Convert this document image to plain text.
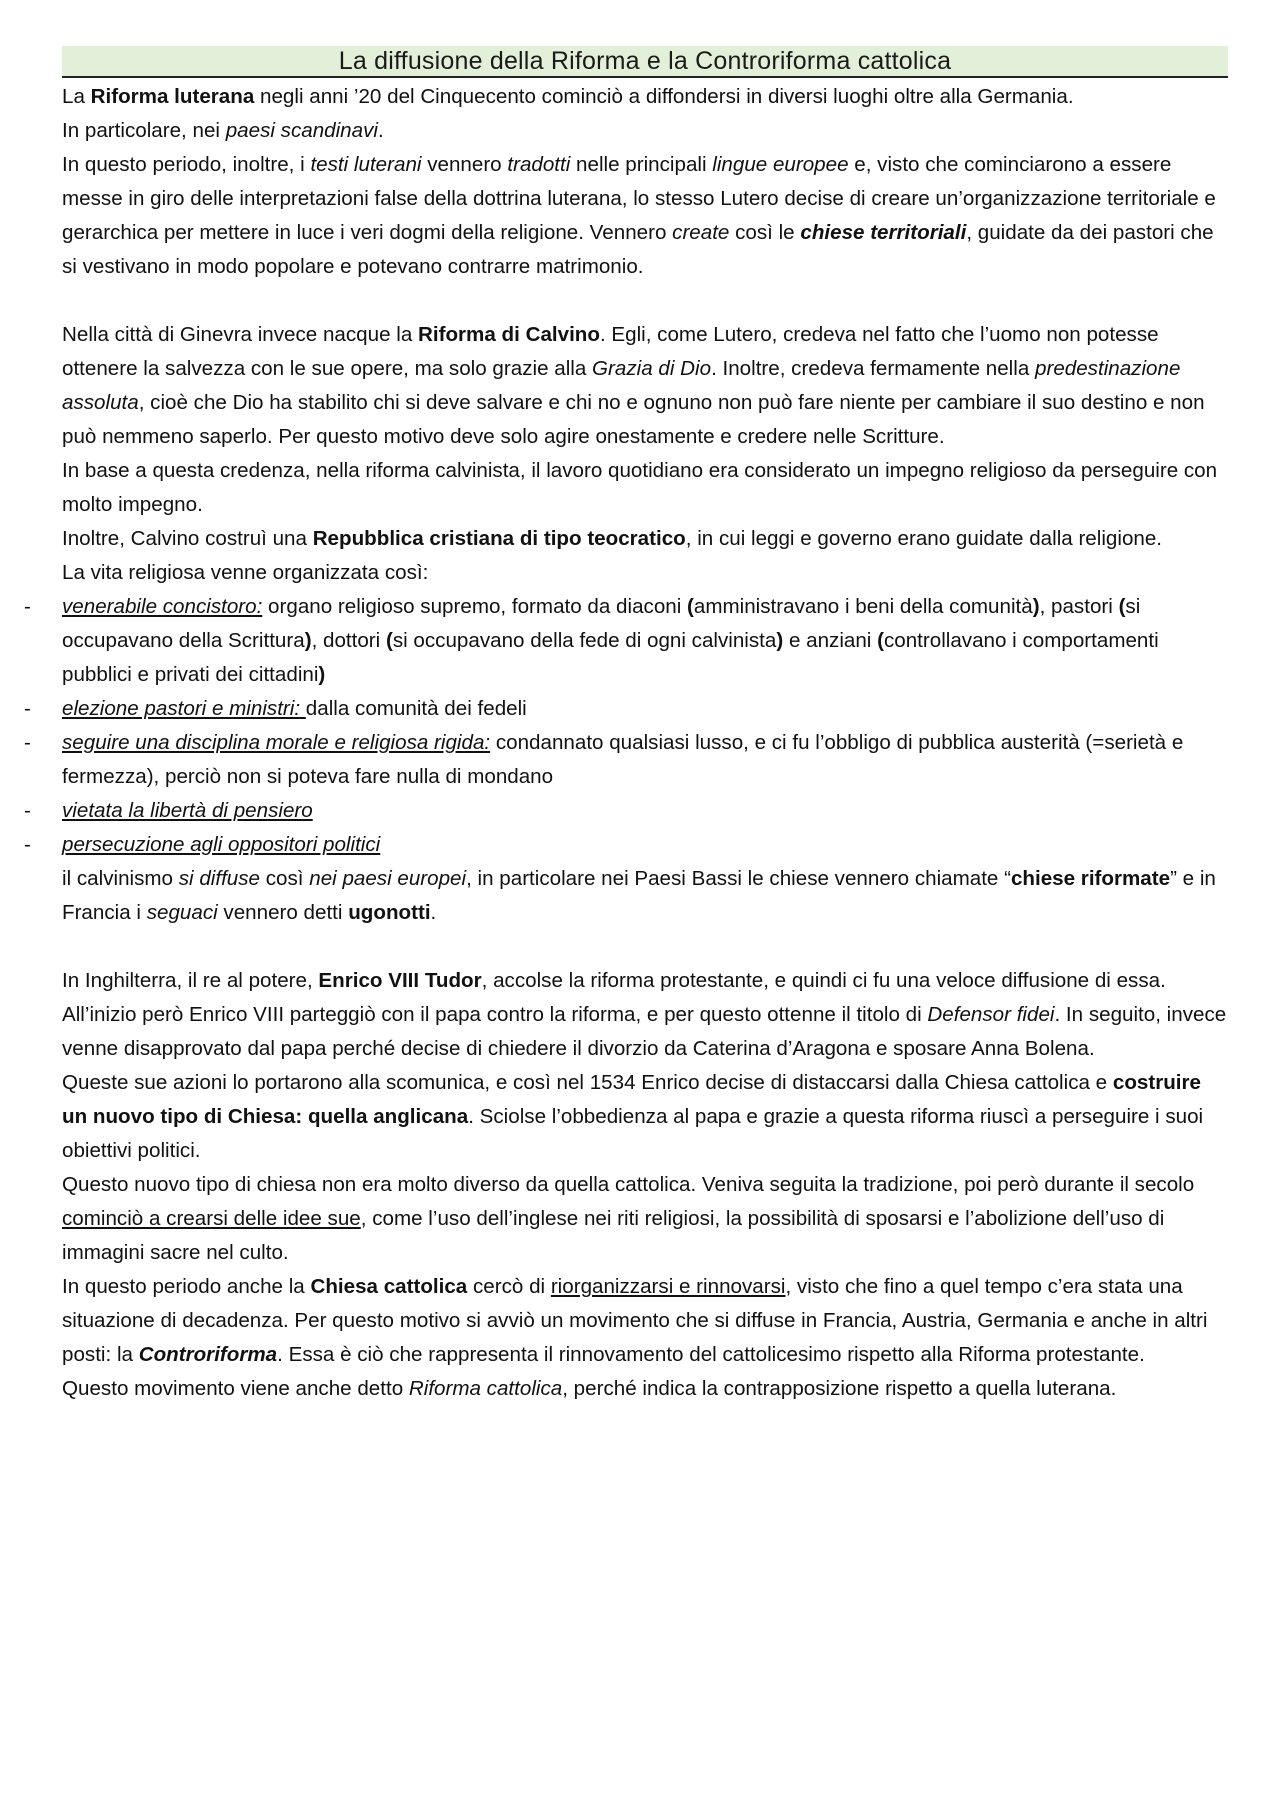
La diffusione della Riforma e la Controriforma cattolica

La Riforma luterana negli anni ’20 del Cinquecento cominciò a diffondersi in diversi luoghi oltre alla Germania.

In particolare, nei paesi scandinavi.

In questo periodo, inoltre, i testi luterani vennero tradotti nelle principali lingue europee e, visto che cominciarono a essere messe in giro delle interpretazioni false della dottrina luterana, lo stesso Lutero decise di creare un’organizzazione territoriale e gerarchica per mettere in luce i veri dogmi della religione. Vennero create così le chiese territoriali, guidate da dei pastori che si vestivano in modo popolare e potevano contrarre matrimonio.

Nella città di Ginevra invece nacque la Riforma di Calvino. Egli, come Lutero, credeva nel fatto che l’uomo non potesse ottenere la salvezza con le sue opere, ma solo grazie alla Grazia di Dio. Inoltre, credeva fermamente nella predestinazione assoluta, cioè che Dio ha stabilito chi si deve salvare e chi no e ognuno non può fare niente per cambiare il suo destino e non può nemmeno saperlo. Per questo motivo deve solo agire onestamente e credere nelle Scritture.

In base a questa credenza, nella riforma calvinista, il lavoro quotidiano era considerato un impegno religioso da perseguire con molto impegno.

Inoltre, Calvino costruì una Repubblica cristiana di tipo teocratico, in cui leggi e governo erano guidate dalla religione.

La vita religiosa venne organizzata così:

- venerabile concistoro: organo religioso supremo, formato da diaconi (amministravano i beni della comunità), pastori (si occupavano della Scrittura), dottori (si occupavano della fede di ogni calvinista) e anziani (controllavano i comportamenti pubblici e privati dei cittadini)

- elezione pastori e ministri: dalla comunità dei fedeli

- seguire una disciplina morale e religiosa rigida: condannato qualsiasi lusso, e ci fu l’obbligo di pubblica austerità (=serietà e fermezza), perciò non si poteva fare nulla di mondano

- vietata la libertà di pensiero

- persecuzione agli oppositori politici

il calvinismo si diffuse così nei paesi europei, in particolare nei Paesi Bassi le chiese vennero chiamate “chiese riformate” e in Francia i seguaci vennero detti ugonotti.

In Inghilterra, il re al potere, Enrico VIII Tudor, accolse la riforma protestante, e quindi ci fu una veloce diffusione di essa.

All’inizio però Enrico VIII parteggiò con il papa contro la riforma, e per questo ottenne il titolo di Defensor fidei. In seguito, invece venne disapprovato dal papa perché decise di chiedere il divorzio da Caterina d’Aragona e sposare Anna Bolena.

Queste sue azioni lo portarono alla scomunica, e così nel 1534 Enrico decise di distaccarsi dalla Chiesa cattolica e costruire un nuovo tipo di Chiesa: quella anglicana. Sciolse l’obbedienza al papa e grazie a questa riforma riuscì a perseguire i suoi obiettivi politici.

Questo nuovo tipo di chiesa non era molto diverso da quella cattolica. Veniva seguita la tradizione, poi però durante il secolo cominciò a crearsi delle idee sue, come l’uso dell’inglese nei riti religiosi, la possibilità di sposarsi e l’abolizione dell’uso di immagini sacre nel culto.

In questo periodo anche la Chiesa cattolica cercò di riorganizzarsi e rinnovarsi, visto che fino a quel tempo c’era stata una situazione di decadenza. Per questo motivo si avviò un movimento che si diffuse in Francia, Austria, Germania e anche in altri posti: la Controriforma. Essa è ciò che rappresenta il rinnovamento del cattolicesimo rispetto alla Riforma protestante.

Questo movimento viene anche detto Riforma cattolica, perché indica la contrapposizione rispetto a quella luterana.
